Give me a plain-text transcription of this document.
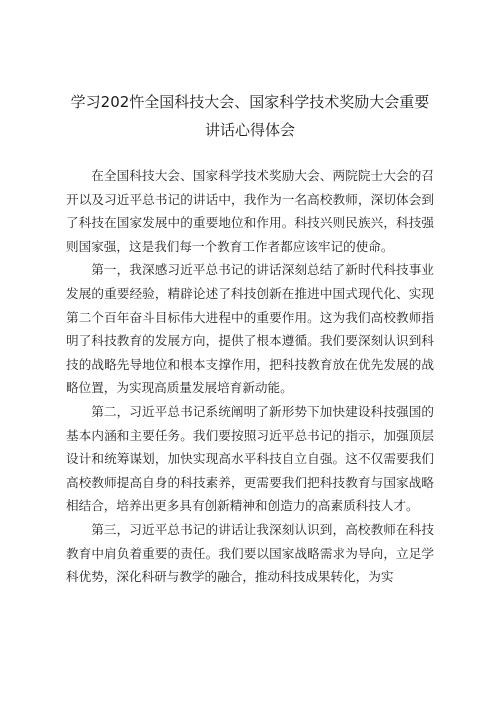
学习202忤全国科技大会、国家科学技术奖励大会重要
讲话心得体会

在全国科技大会、国家科学技术奖励大会、两院院士大会的召开以及习近平总书记的讲话中，我作为一名高校教师，深切体会到了科技在国家发展中的重要地位和作用。科技兴则民族兴，科技强则国家强，这是我们每一个教育工作者都应该牢记的使命。

第一，我深感习近平总书记的讲话深刻总结了新时代科技事业发展的重要经验，精辟论述了科技创新在推进中国式现代化、实现第二个百年奋斗目标伟大进程中的重要作用。这为我们高校教师指明了科技教育的发展方向，提供了根本遵循。我们要深刻认识到科技的战略先导地位和根本支撑作用，把科技教育放在优先发展的战略位置，为实现高质量发展培育新动能。

第二，习近平总书记系统阐明了新形势下加快建设科技强国的基本内涵和主要任务。我们要按照习近平总书记的指示，加强顶层设计和统筹谋划，加快实现高水平科技自立自强。这不仅需要我们高校教师提高自身的科技素养，更需要我们把科技教育与国家战略相结合，培养出更多具有创新精神和创造力的高素质科技人才。

第三，习近平总书记的讲话让我深刻认识到，高校教师在科技教育中肩负着重要的责任。我们要以国家战略需求为导向，立足学科优势，深化科研与教学的融合，推动科技成果转化，为实
